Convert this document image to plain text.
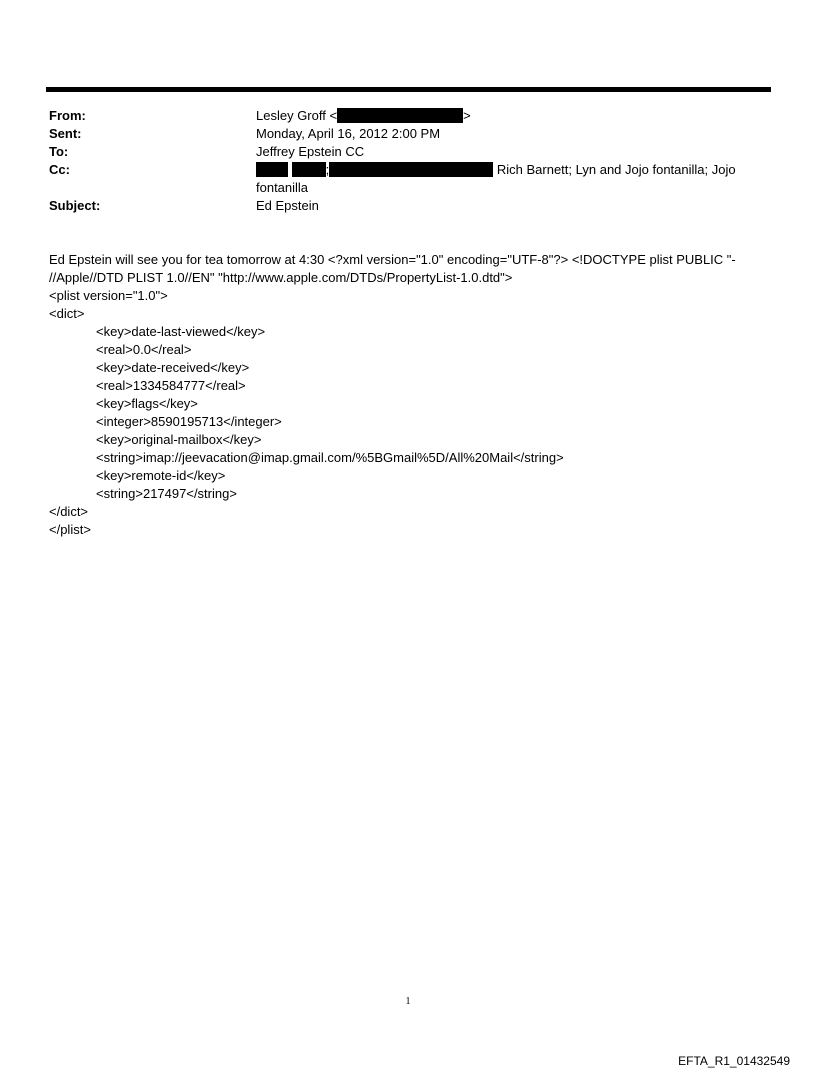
From:	Lesley Groff <	>
Sent:	Monday, April 16, 2012 2:00 PM
To:	Jeffrey Epstein CC
Cc:	;	Rich Barnett; Lyn and Jojo fontanilla; Jojo
fontanilla
Subject:	Ed Epstein

Ed Epstein will see you for tea tomorrow at 4:30 <?xml version="1.0" encoding="UTF-8"?> <!DOCTYPE plist PUBLIC "-

//Apple//DTD PLIST 1.0//EN" "http://www.apple.com/DTDs/PropertyList-1.0.dtd">

<plist version="1.0">

<dict>

<key>date-last-viewed</key>

<real>0.0</real>

<key>date-received</key>

<real>1334584777</real>

<key>flags</key>

<integer>8590195713</integer>

<key>original-mailbox</key>

<string>imap://jeevacation@imap.gmail.com/%5BGmail%5D/All%20Mail</string>

<key>remote-id</key>

<string>217497</string>

</dict>

</plist>

1
EFTA_R1_01432549
